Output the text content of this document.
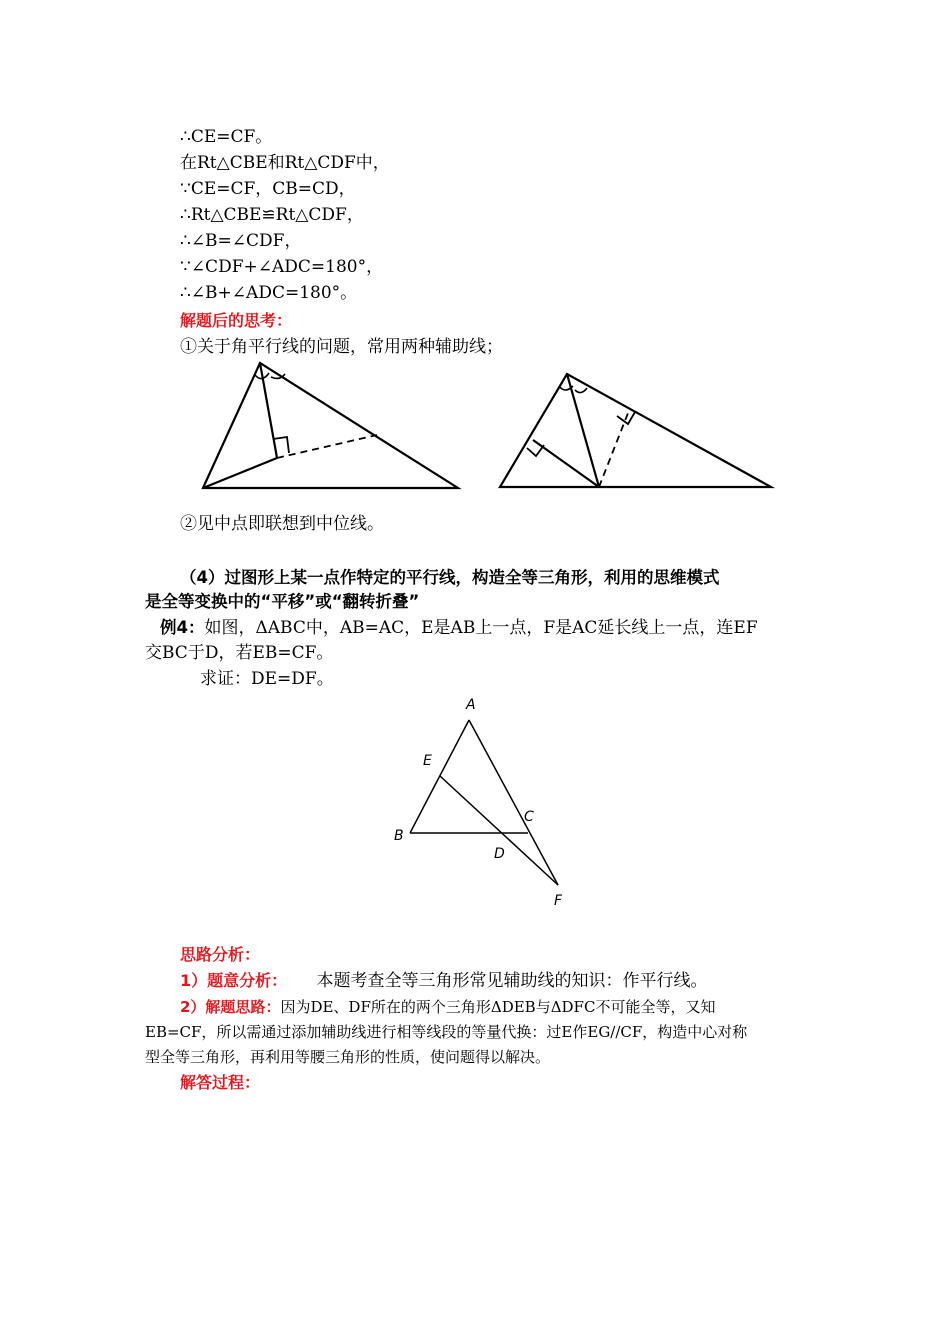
∴CE=CF。
在Rt△CBE和Rt△CDF中，
∵CE=CF，CB=CD，
∴Rt△CBE≌Rt△CDF，
∴∠B=∠CDF，
∵∠CDF+∠ADC=180°，
∴∠B+∠ADC=180°。
解题后的思考：
①关于角平行线的问题，常用两种辅助线；
②见中点即联想到中位线。
（4）过图形上某一点作特定的平行线，构造全等三角形，利用的思维模式
是全等变换中的“平移”或“翻转折叠”
例4：如图，ΔABC中，AB=AC，E是AB上一点，F是AC延长线上一点，连EF
交BC于D，若EB=CF。
求证：DE=DF。
A
E
C
B
D
F
思路分析：
1）题意分析： 本题考查全等三角形常见辅助线的知识：作平行线。
2）解题思路：因为DE、DF所在的两个三角形ΔDEB与ΔDFC不可能全等，又知
EB=CF，所以需通过添加辅助线进行相等线段的等量代换：过E作EG//CF，构造中心对称
型全等三角形，再利用等腰三角形的性质，使问题得以解决。
解答过程：
